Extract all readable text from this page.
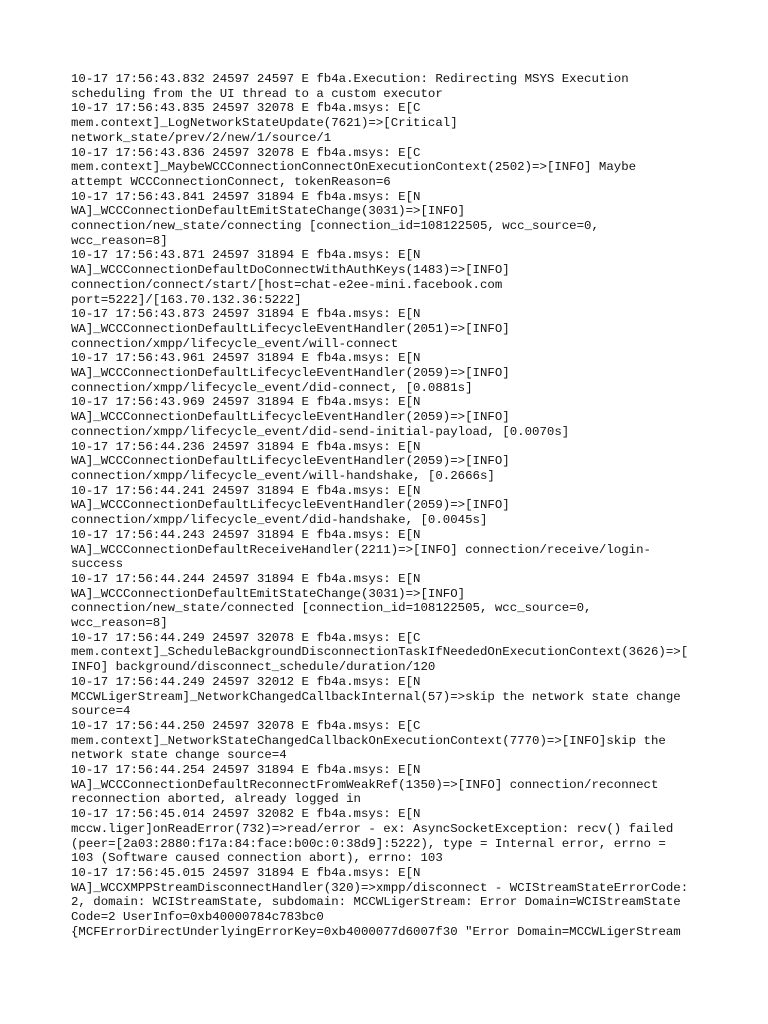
10-17 17:56:43.832 24597 24597 E fb4a.Execution: Redirecting MSYS Execution
scheduling from the UI thread to a custom executor
10-17 17:56:43.835 24597 32078 E fb4a.msys: E[C
mem.context]_LogNetworkStateUpdate(7621)=>[Critical]
network_state/prev/2/new/1/source/1
10-17 17:56:43.836 24597 32078 E fb4a.msys: E[C
mem.context]_MaybeWCCConnectionConnectOnExecutionContext(2502)=>[INFO] Maybe
attempt WCCConnectionConnect, tokenReason=6
10-17 17:56:43.841 24597 31894 E fb4a.msys: E[N
WA]_WCCConnectionDefaultEmitStateChange(3031)=>[INFO]
connection/new_state/connecting [connection_id=108122505, wcc_source=0,
wcc_reason=8]
10-17 17:56:43.871 24597 31894 E fb4a.msys: E[N
WA]_WCCConnectionDefaultDoConnectWithAuthKeys(1483)=>[INFO]
connection/connect/start/[host=chat-e2ee-mini.facebook.com
port=5222]/[163.70.132.36:5222]
10-17 17:56:43.873 24597 31894 E fb4a.msys: E[N
WA]_WCCConnectionDefaultLifecycleEventHandler(2051)=>[INFO]
connection/xmpp/lifecycle_event/will-connect
10-17 17:56:43.961 24597 31894 E fb4a.msys: E[N
WA]_WCCConnectionDefaultLifecycleEventHandler(2059)=>[INFO]
connection/xmpp/lifecycle_event/did-connect, [0.0881s]
10-17 17:56:43.969 24597 31894 E fb4a.msys: E[N
WA]_WCCConnectionDefaultLifecycleEventHandler(2059)=>[INFO]
connection/xmpp/lifecycle_event/did-send-initial-payload, [0.0070s]
10-17 17:56:44.236 24597 31894 E fb4a.msys: E[N
WA]_WCCConnectionDefaultLifecycleEventHandler(2059)=>[INFO]
connection/xmpp/lifecycle_event/will-handshake, [0.2666s]
10-17 17:56:44.241 24597 31894 E fb4a.msys: E[N
WA]_WCCConnectionDefaultLifecycleEventHandler(2059)=>[INFO]
connection/xmpp/lifecycle_event/did-handshake, [0.0045s]
10-17 17:56:44.243 24597 31894 E fb4a.msys: E[N
WA]_WCCConnectionDefaultReceiveHandler(2211)=>[INFO] connection/receive/login-
success
10-17 17:56:44.244 24597 31894 E fb4a.msys: E[N
WA]_WCCConnectionDefaultEmitStateChange(3031)=>[INFO]
connection/new_state/connected [connection_id=108122505, wcc_source=0,
wcc_reason=8]
10-17 17:56:44.249 24597 32078 E fb4a.msys: E[C
mem.context]_ScheduleBackgroundDisconnectionTaskIfNeededOnExecutionContext(3626)=>[
INFO] background/disconnect_schedule/duration/120
10-17 17:56:44.249 24597 32012 E fb4a.msys: E[N
MCCWLigerStream]_NetworkChangedCallbackInternal(57)=>skip the network state change
source=4
10-17 17:56:44.250 24597 32078 E fb4a.msys: E[C
mem.context]_NetworkStateChangedCallbackOnExecutionContext(7770)=>[INFO]skip the
network state change source=4
10-17 17:56:44.254 24597 31894 E fb4a.msys: E[N
WA]_WCCConnectionDefaultReconnectFromWeakRef(1350)=>[INFO] connection/reconnect
reconnection aborted, already logged in
10-17 17:56:45.014 24597 32082 E fb4a.msys: E[N
mccw.liger]onReadError(732)=>read/error - ex: AsyncSocketException: recv() failed
(peer=[2a03:2880:f17a:84:face:b00c:0:38d9]:5222), type = Internal error, errno =
103 (Software caused connection abort), errno: 103
10-17 17:56:45.015 24597 31894 E fb4a.msys: E[N
WA]_WCCXMPPStreamDisconnectHandler(320)=>xmpp/disconnect - WCIStreamStateErrorCode:
2, domain: WCIStreamState, subdomain: MCCWLigerStream: Error Domain=WCIStreamState
Code=2 UserInfo=0xb40000784c783bc0
{MCFErrorDirectUnderlyingErrorKey=0xb4000077d6007f30 "Error Domain=MCCWLigerStream
